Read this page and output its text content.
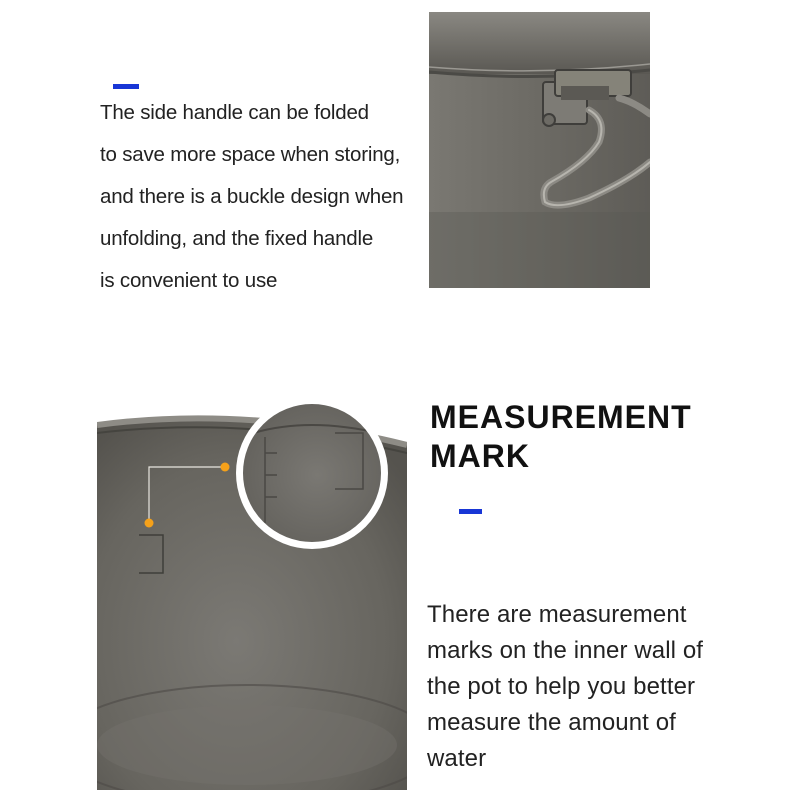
The side handle can be folded
to save more space when storing,
and there is a buckle design when
unfolding, and the fixed handle
is convenient to use
MEASUREMENT
MARK
There are measurement
marks on the inner wall of
the pot to help you better
measure the amount of
water
